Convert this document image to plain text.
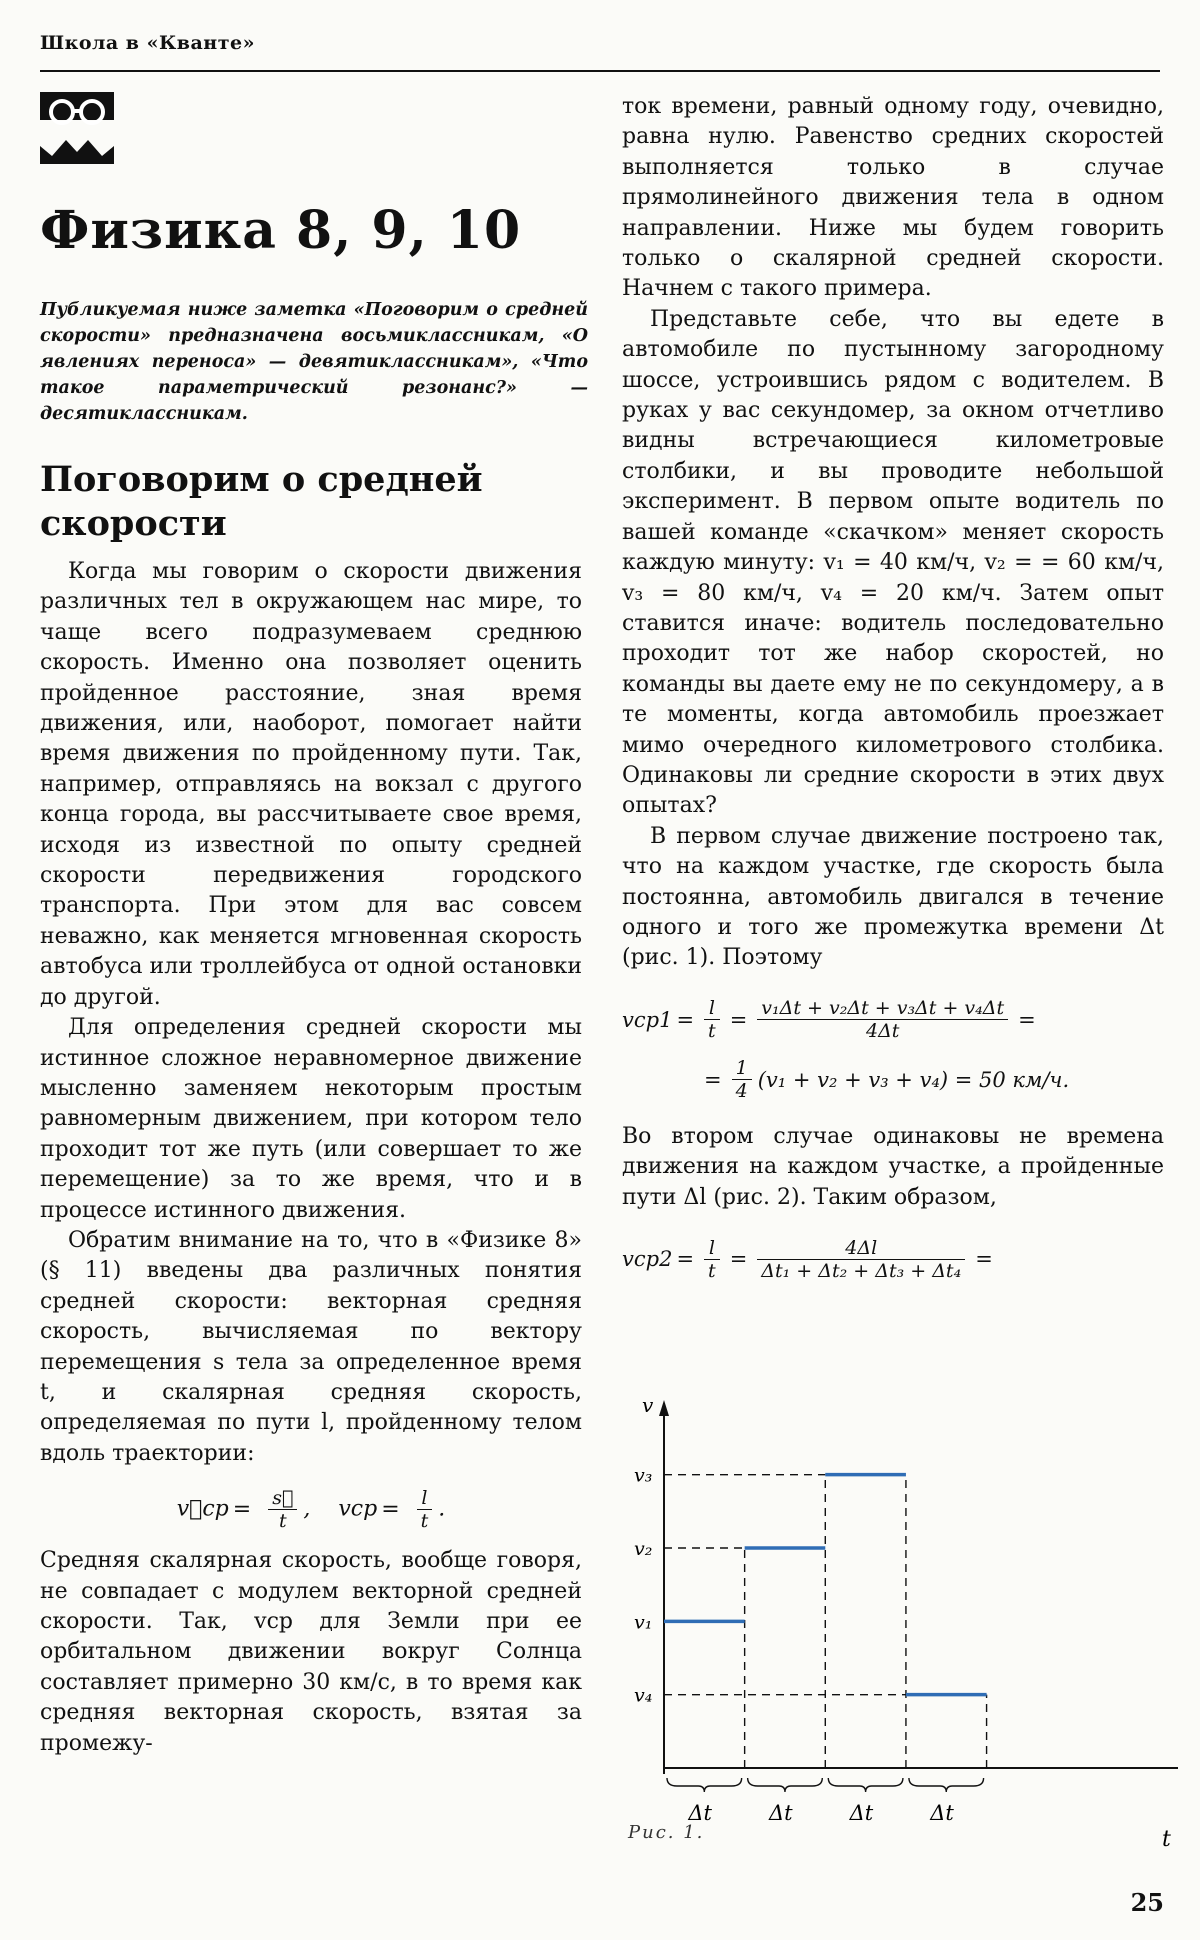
Школа в «Кванте»
Физика 8, 9, 10

Публикуемая ниже заметка «Поговорим о средней скорости» предназначена восьмиклассникам, «О явлениях переноса» — девятиклассникам», «Что такое параметрический резонанс?» — десятиклассникам.

Поговорим о средней скорости

Когда мы говорим о скорости движения различных тел в окружающем нас мире, то чаще всего подразумеваем среднюю скорость. Именно она позволяет оценить пройденное расстояние, зная время движения, или, наоборот, помогает найти время движения по пройденному пути. Так, например, отправляясь на вокзал с другого конца города, вы рассчитываете свое время, исходя из известной по опыту средней скорости передвижения городского транспорта. При этом для вас совсем неважно, как меняется мгновенная скорость автобуса или троллейбуса от одной остановки до другой.

Для определения средней скорости мы истинное сложное неравномерное движение мысленно заменяем некоторым простым равномерным движением, при котором тело проходит тот же путь (или совершает то же перемещение) за то же время, что и в процессе истинного движения.

Обратим внимание на то, что в «Физике 8» (§ 11) введены два различных понятия средней скорости: векторная средняя скорость, вычисляемая по вектору перемещения s тела за определенное время t, и скалярная средняя скорость, определяемая по пути l, пройденному телом вдоль траектории:

v⃗ср = $\frac{s⃗}{t}$ ,    vср = $\frac{l}{t}$ .

Средняя скалярная скорость, вообще говоря, не совпадает с модулем векторной средней скорости. Так, vср для Земли при ее орбитальном движении вокруг Солнца составляет примерно 30 км/с, в то время как средняя векторная скорость, взятая за промежу-

ток времени, равный одному году, очевидно, равна нулю. Равенство средних скоростей выполняется только в случае прямолинейного движения тела в одном направлении. Ниже мы будем говорить только о скалярной средней скорости. Начнем с такого примера.

Представьте себе, что вы едете в автомобиле по пустынному загородному шоссе, устроившись рядом с водителем. В руках у вас секундомер, за окном отчетливо видны встречающиеся километровые столбики, и вы проводите небольшой эксперимент. В первом опыте водитель по вашей команде «скачком» меняет скорость каждую минуту: v₁ = 40 км/ч, v₂ = = 60 км/ч, v₃ = 80 км/ч, v₄ = 20 км/ч. Затем опыт ставится иначе: водитель последовательно проходит тот же набор скоростей, но команды вы даете ему не по секундомеру, а в те моменты, когда автомобиль проезжает мимо очередного километрового столбика. Одинаковы ли средние скорости в этих двух опытах?

В первом случае движение построено так, что на каждом участке, где скорость была постоянна, автомобиль двигался в течение одного и того же промежутка времени Δt (рис. 1). Поэтому

$vср1 = \frac{l}{t} = \frac{\text{v₁Δt + v₂Δt + v₃Δt + v₄Δt}}{4\Delta t}$ =
= $\frac{1}{4} (v_1 + v_2 + v_3 + v_4) = 50$ км/ч.

Во втором случае одинаковы не времена движения на каждом участке, а пройденные пути Δl (рис. 2). Таким образом,

$vср2 = \frac{l}{t} = \frac{4\Delta l}{\text{Δt₁ + Δt₂ + Δt₃ + Δt₄}}$ =
v
t
v₃
v₂
v₁
v₄
Δt	Δt	Δt	Δt
Рис. 1.
25
